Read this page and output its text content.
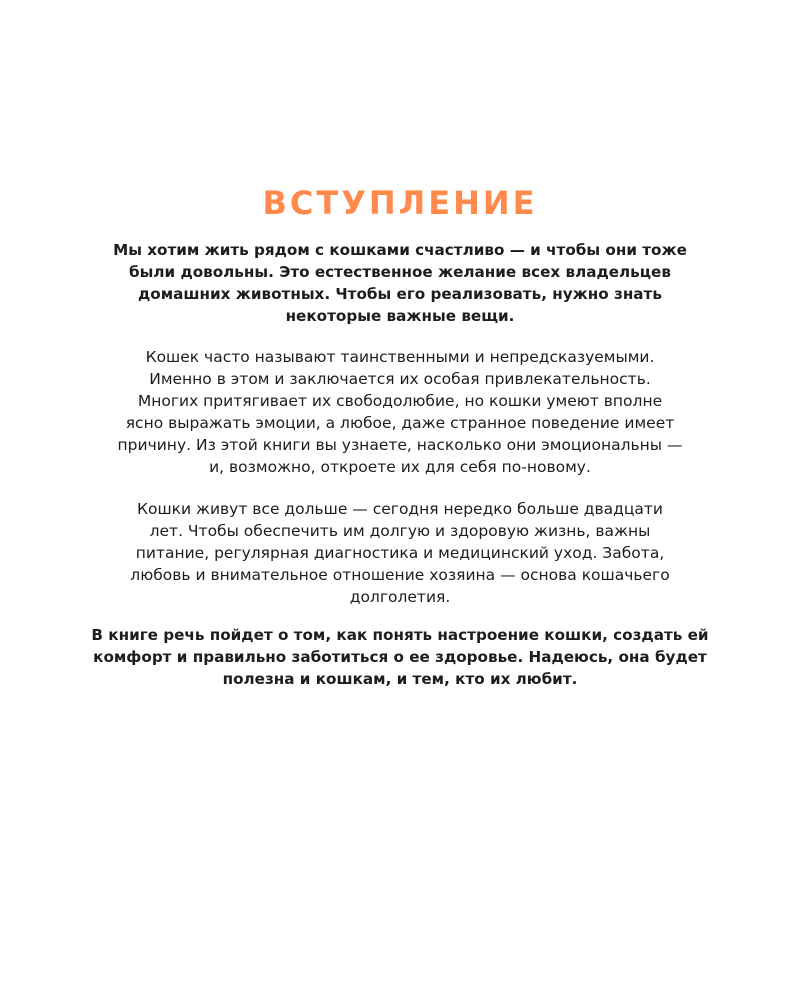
ВСТУПЛЕНИЕ

Мы хотим жить рядом с кошками счастливо — и чтобы они тоже
были довольны. Это естественное желание всех владельцев
домашних животных. Чтобы его реализовать, нужно знать
некоторые важные вещи.

Кошек часто называют таинственными и непредсказуемыми.
Именно в этом и заключается их особая привлекательность.
Многих притягивает их свободолюбие, но кошки умеют вполне
ясно выражать эмоции, а любое, даже странное поведение имеет
причину. Из этой книги вы узнаете, насколько они эмоциональны —
и, возможно, откроете их для себя по-новому.

Кошки живут все дольше — сегодня нередко больше двадцати
лет. Чтобы обеспечить им долгую и здоровую жизнь, важны
питание, регулярная диагностика и медицинский уход. Забота,
любовь и внимательное отношение хозяина — основа кошачьего
долголетия.

В книге речь пойдет о том, как понять настроение кошки, создать ей
комфорт и правильно заботиться о ее здоровье. Надеюсь, она будет
полезна и кошкам, и тем, кто их любит.
